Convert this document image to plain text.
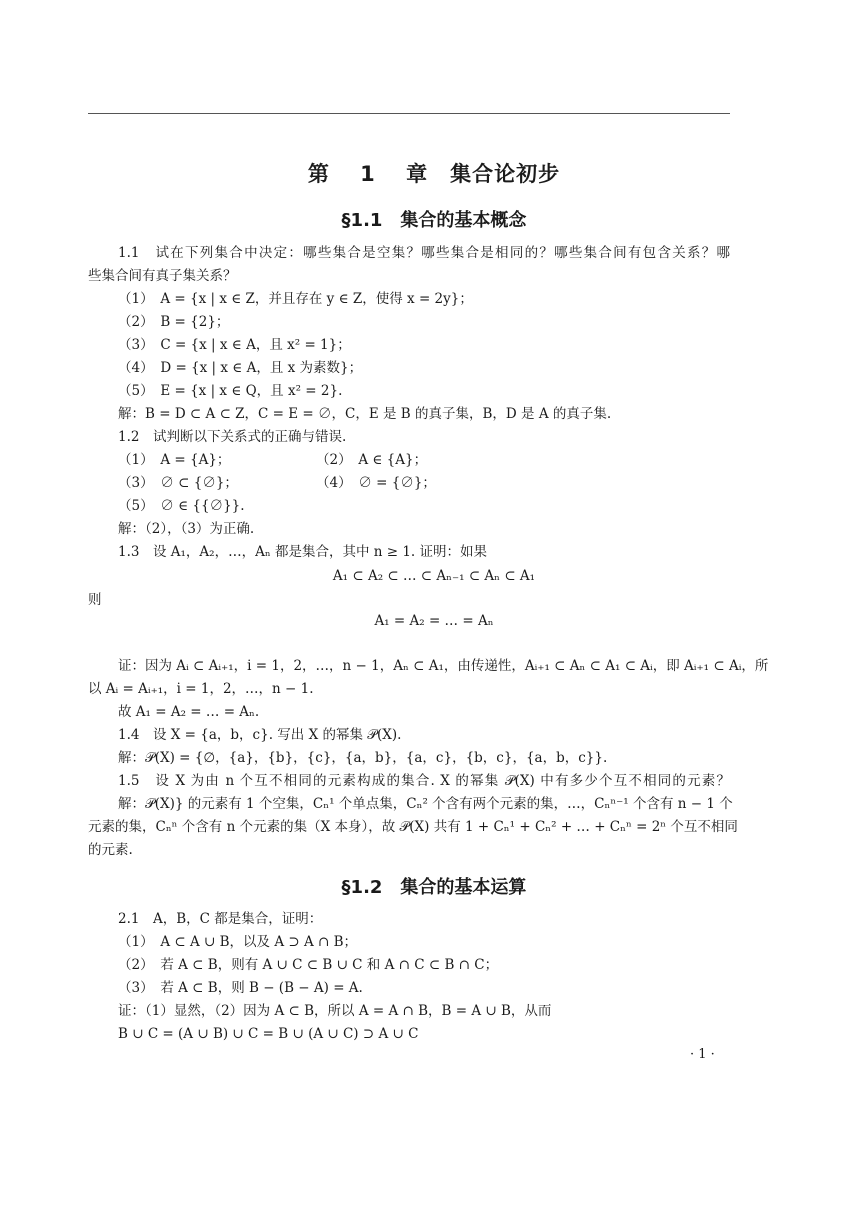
第 1 章　集合论初步
§1.1　集合的基本概念
1.1　试在下列集合中决定：哪些集合是空集？哪些集合是相同的？哪些集合间有包含关系？哪
些集合间有真子集关系？
（1）　A = {x | x ∈ Z，并且存在 y ∈ Z，使得 x = 2y}；
（2）　B = {2}；
（3）　C = {x | x ∈ A，且 x² = 1}；
（4）　D = {x | x ∈ A，且 x 为素数}；
（5）　E = {x | x ∈ Q，且 x² = 2}.
解：B = D ⊂ A ⊂ Z，C = E = ∅，C，E 是 B 的真子集，B，D 是 A 的真子集.
1.2　试判断以下关系式的正确与错误.
（1）　A = {A}；	（2）　A ∈ {A}；
（3）　∅ ⊂ {∅}；	（4）　∅ = {∅}；
（5）　∅ ∈ {{∅}}.
解：（2），（3）为正确.
1.3　设 A₁，A₂，…，Aₙ 都是集合，其中 n ≥ 1. 证明：如果
A₁ ⊂ A₂ ⊂ … ⊂ Aₙ₋₁ ⊂ Aₙ ⊂ A₁
则
A₁ = A₂ = … = Aₙ
证：因为 Aᵢ ⊂ Aᵢ₊₁，i = 1，2，…，n − 1，Aₙ ⊂ A₁，由传递性，Aᵢ₊₁ ⊂ Aₙ ⊂ A₁ ⊂ Aᵢ，即 Aᵢ₊₁ ⊂ Aᵢ，所
以 Aᵢ = Aᵢ₊₁，i = 1，2，…，n − 1.
故 A₁ = A₂ = … = Aₙ.
1.4　设 X = {a，b，c}. 写出 X 的幂集 𝒫(X).
解：𝒫(X) = {∅，{a}，{b}，{c}，{a，b}，{a，c}，{b，c}，{a，b，c}}.
1.5　设 X 为由 n 个互不相同的元素构成的集合. X 的幂集 𝒫(X) 中有多少个互不相同的元素？
解：𝒫(X)} 的元素有 1 个空集，Cₙ¹ 个单点集，Cₙ² 个含有两个元素的集，…，Cₙⁿ⁻¹ 个含有 n − 1 个
元素的集，Cₙⁿ 个含有 n 个元素的集（X 本身），故 𝒫(X) 共有 1 + Cₙ¹ + Cₙ² + … + Cₙⁿ = 2ⁿ 个互不相同
的元素.
§1.2　集合的基本运算
2.1　A，B，C 都是集合，证明：
（1）　A ⊂ A ∪ B，以及 A ⊃ A ∩ B；
（2）　若 A ⊂ B，则有 A ∪ C ⊂ B ∪ C 和 A ∩ C ⊂ B ∩ C；
（3）　若 A ⊂ B，则 B − (B − A) = A.
证：（1）显然，（2）因为 A ⊂ B，所以 A = A ∩ B，B = A ∪ B，从而
B ∪ C = (A ∪ B) ∪ C = B ∪ (A ∪ C) ⊃ A ∪ C
· 1 ·
